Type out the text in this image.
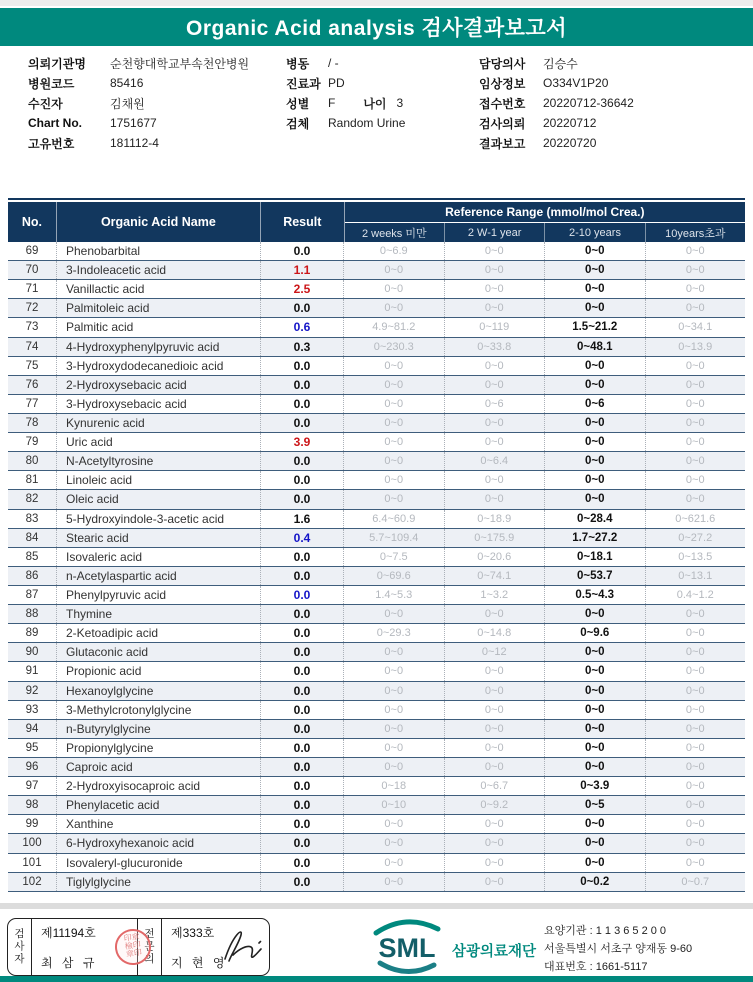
Organic Acid analysis 검사결과보고서
의뢰기관명	순천향대학교부속천안병원
병원코드	85416
수진자	김채원
Chart No.	1751677
고유번호	181112-4
병동	/ -
진료과 PD
성별	F 나이 3
검체	Random Urine
담당의사	김승수
임상정보	O334V1P20
접수번호	20220712-36642
검사의뢰	20220712
결과보고	20220720
No.	Organic Acid Name	Result
Reference Range (mmol/mol Crea.)
2 weeks 미만	2 W-1 year	2-10 years	10years초과
69	Phenobarbital	0.0	0~6.9	0~0	0~0	0~0
70	3-Indoleacetic acid	1.1	0~0	0~0	0~0	0~0
71	Vanillactic acid	2.5	0~0	0~0	0~0	0~0
72	Palmitoleic acid	0.0	0~0	0~0	0~0	0~0
73	Palmitic acid	0.6	4.9~81.2	0~119	1.5~21.2	0~34.1
74	4-Hydroxyphenylpyruvic acid	0.3	0~230.3	0~33.8	0~48.1	0~13.9
75	3-Hydroxydodecanedioic acid	0.0	0~0	0~0	0~0	0~0
76	2-Hydroxysebacic acid	0.0	0~0	0~0	0~0	0~0
77	3-Hydroxysebacic acid	0.0	0~0	0~6	0~6	0~0
78	Kynurenic acid	0.0	0~0	0~0	0~0	0~0
79	Uric acid	3.9	0~0	0~0	0~0	0~0
80	N-Acetyltyrosine	0.0	0~0	0~6.4	0~0	0~0
81	Linoleic acid	0.0	0~0	0~0	0~0	0~0
82	Oleic acid	0.0	0~0	0~0	0~0	0~0
83	5-Hydroxyindole-3-acetic acid	1.6	6.4~60.9	0~18.9	0~28.4	0~621.6
84	Stearic acid	0.4	5.7~109.4	0~175.9	1.7~27.2	0~27.2
85	Isovaleric acid	0.0	0~7.5	0~20.6	0~18.1	0~13.5
86	n-Acetylaspartic acid	0.0	0~69.6	0~74.1	0~53.7	0~13.1
87	Phenylpyruvic acid	0.0	1.4~5.3	1~3.2	0.5~4.3	0.4~1.2
88	Thymine	0.0	0~0	0~0	0~0	0~0
89	2-Ketoadipic acid	0.0	0~29.3	0~14.8	0~9.6	0~0
90	Glutaconic acid	0.0	0~0	0~12	0~0	0~0
91	Propionic acid	0.0	0~0	0~0	0~0	0~0
92	Hexanoylglycine	0.0	0~0	0~0	0~0	0~0
93	3-Methylcrotonylglycine	0.0	0~0	0~0	0~0	0~0
94	n-Butyrylglycine	0.0	0~0	0~0	0~0	0~0
95	Propionylglycine	0.0	0~0	0~0	0~0	0~0
96	Caproic acid	0.0	0~0	0~0	0~0	0~0
97	2-Hydroxyisocaproic acid	0.0	0~18	0~6.7	0~3.9	0~0
98	Phenylacetic acid	0.0	0~10	0~9.2	0~5	0~0
99	Xanthine	0.0	0~0	0~0	0~0	0~0
100	6-Hydroxyhexanoic acid	0.0	0~0	0~0	0~0	0~0
101	Isovaleryl-glucuronide	0.0	0~0	0~0	0~0	0~0
102	Tiglylglycine	0.0	0~0	0~0	0~0.2	0~0.7
검사자	제11194호
최 삼 규
印章
檢印
章印 전문의	제333호
지 현 영	SML 삼광의료재단
요양기관 : 1 1 3 6 5 2 0 0
서울특별시 서초구 양재동 9-60
대표번호 : 1661-5117
